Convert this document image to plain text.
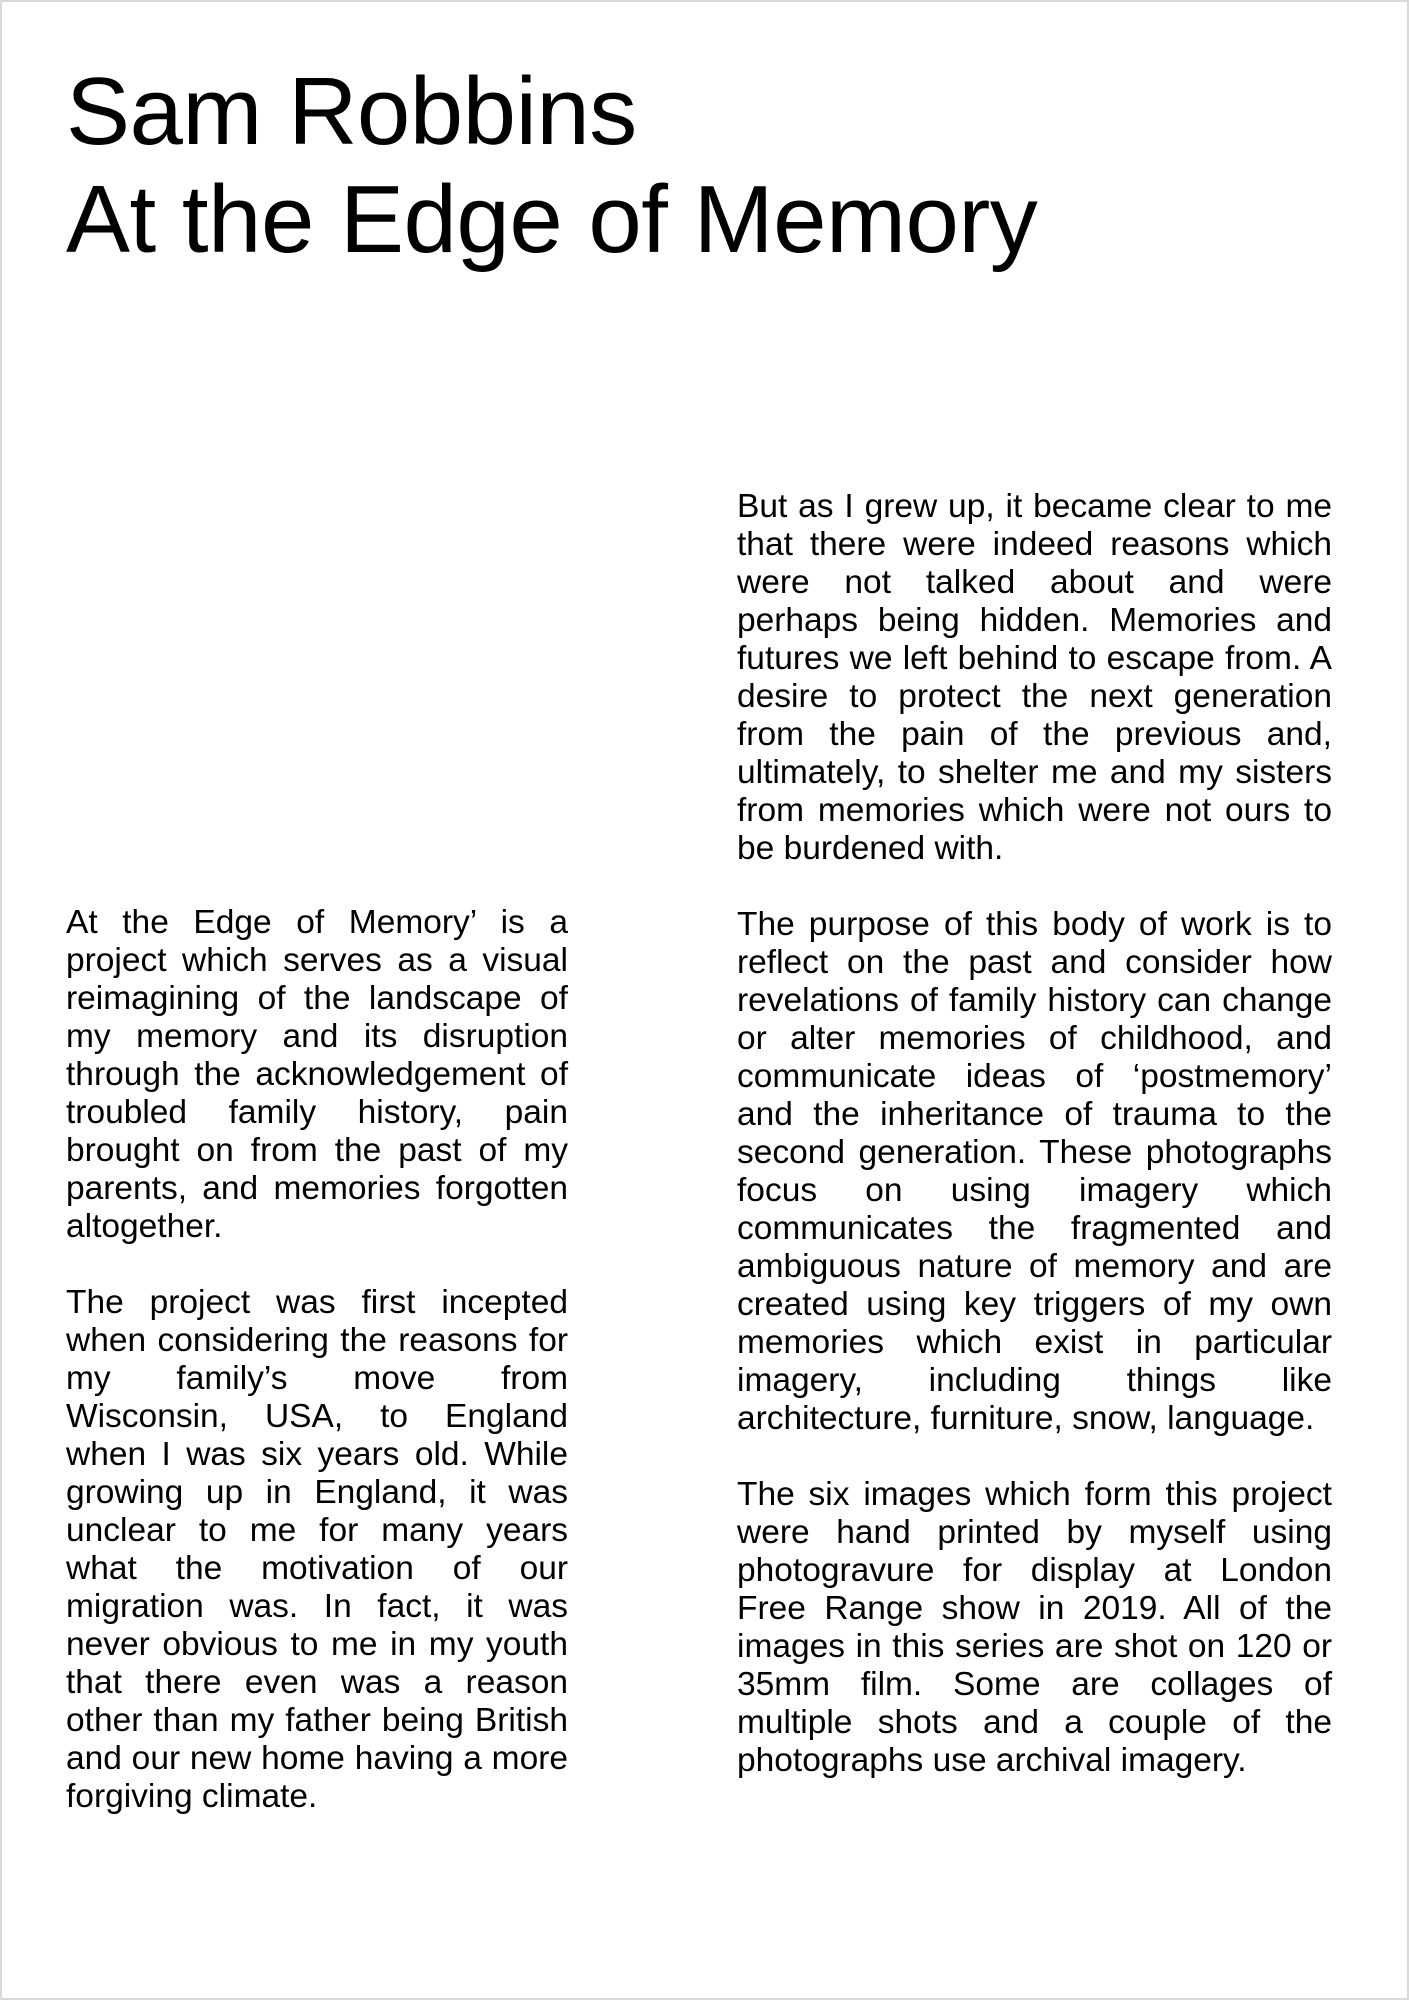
Sam Robbins
At the Edge of Memory

At the Edge of Memory’ is a project which serves as a visual reimagining of the landscape of my memory and its disruption through the acknowledgement of troubled family history, pain brought on from the past of my parents, and memories forgotten altogether.

The project was first incepted when considering the reasons for my family’s move from Wisconsin, USA, to England when I was six years old. While growing up in England, it was unclear to me for many years what the motivation of our migration was. In fact, it was never obvious to me in my youth that there even was a reason other than my father being British and our new home having a more forgiving climate.

But as I grew up, it became clear to me that there were indeed reasons which were not talked about and were perhaps being hidden. Memories and futures we left behind to escape from. A desire to protect the next generation from the pain of the previous and, ultimately, to shelter me and my sisters from memories which were not ours to be burdened with.

The purpose of this body of work is to reflect on the past and consider how revelations of family history can change or alter memories of childhood, and communicate ideas of ‘postmemory’ and the inheritance of trauma to the second generation. These photographs focus on using imagery which communicates the fragmented and ambiguous nature of memory and are created using key triggers of my own memories which exist in particular imagery, including things like architecture, furniture, snow, language.

The six images which form this project were hand printed by myself using photogravure for display at London Free Range show in 2019. All of the images in this series are shot on 120 or 35mm film. Some are collages of multiple shots and a couple of the photographs use archival imagery.
